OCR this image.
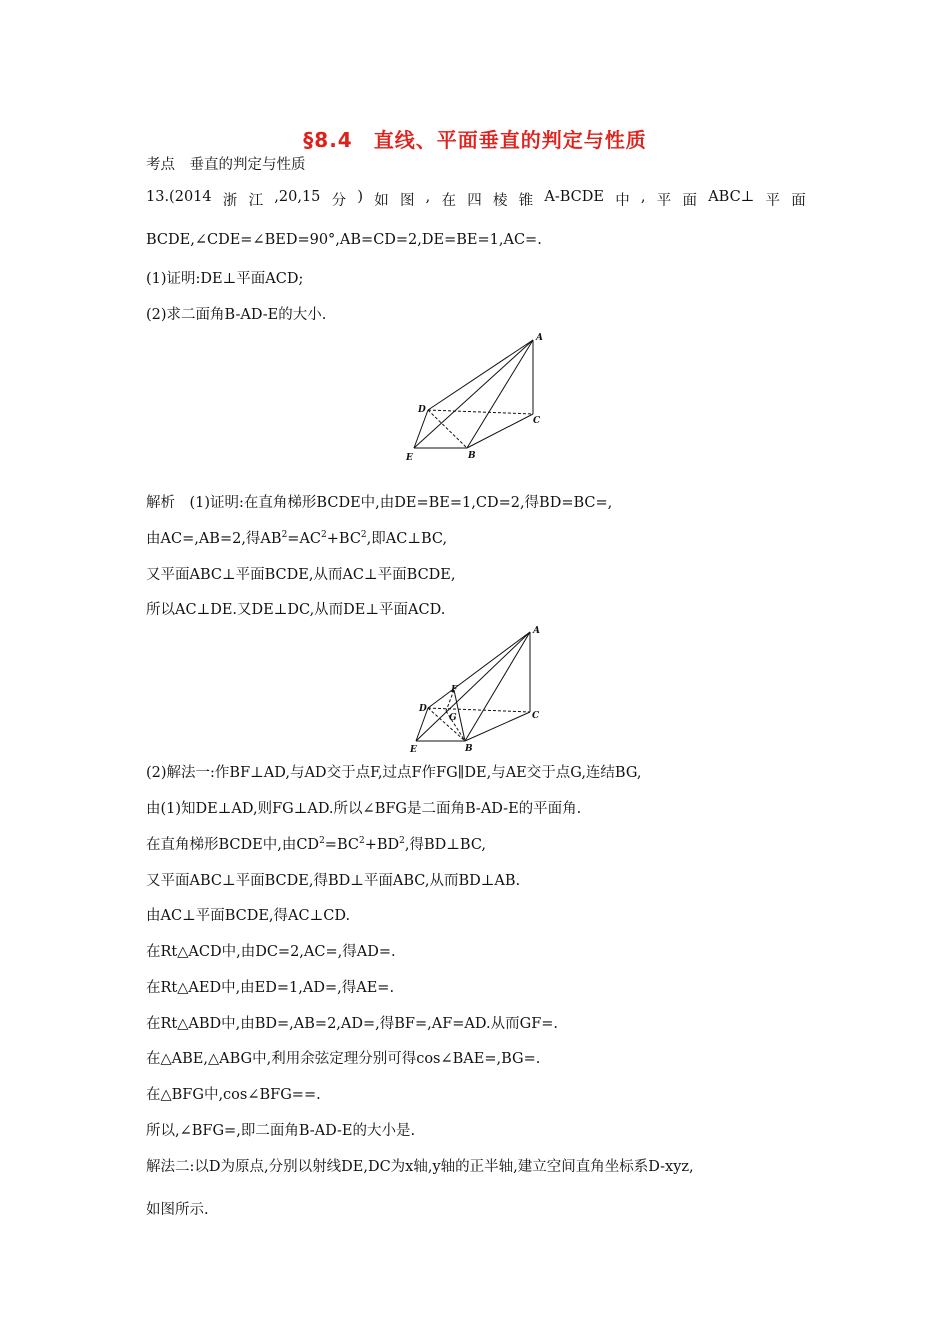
§8.4　直线、平面垂直的判定与性质
考点　垂直的判定与性质
13.(2014 浙 江 ,20,15 分 ) 如 图 , 在 四 棱 锥 A-BCDE 中 , 平 面 ABC⊥ 平 面
BCDE,∠CDE=∠BED=90°,AB=CD=2,DE=BE=1,AC=.
(1)证明:DE⊥平面ACD;
(2)求二面角B-AD-E的大小.
A
B
C
D
E
解析　(1)证明:在直角梯形BCDE中,由DE=BE=1,CD=2,得BD=BC=,
由AC=,AB=2,得$AB^2=AC^2+BC^2$,即AC⊥BC,
又平面ABC⊥平面BCDE,从而AC⊥平面BCDE,
所以AC⊥DE.又DE⊥DC,从而DE⊥平面ACD.
A
B
C
D
E
F
G
(2)解法一:作BF⊥AD,与AD交于点F,过点F作FG∥DE,与AE交于点G,连结BG,
由(1)知DE⊥AD,则FG⊥AD.所以∠BFG是二面角B-AD-E的平面角.
在直角梯形BCDE中,由$CD^2=BC^2+BD^2$,得BD⊥BC,
又平面ABC⊥平面BCDE,得BD⊥平面ABC,从而BD⊥AB.
由AC⊥平面BCDE,得AC⊥CD.
在Rt△ACD中,由DC=2,AC=,得AD=.
在Rt△AED中,由ED=1,AD=,得AE=.
在Rt△ABD中,由BD=,AB=2,AD=,得BF=,AF=AD.从而GF=.
在△ABE,△ABG中,利用余弦定理分别可得cos∠BAE=,BG=.
在△BFG中,cos∠BFG==.
所以,∠BFG=,即二面角B-AD-E的大小是.
解法二:以D为原点,分别以射线DE,DC为x轴,y轴的正半轴,建立空间直角坐标系D-xyz,
如图所示.
